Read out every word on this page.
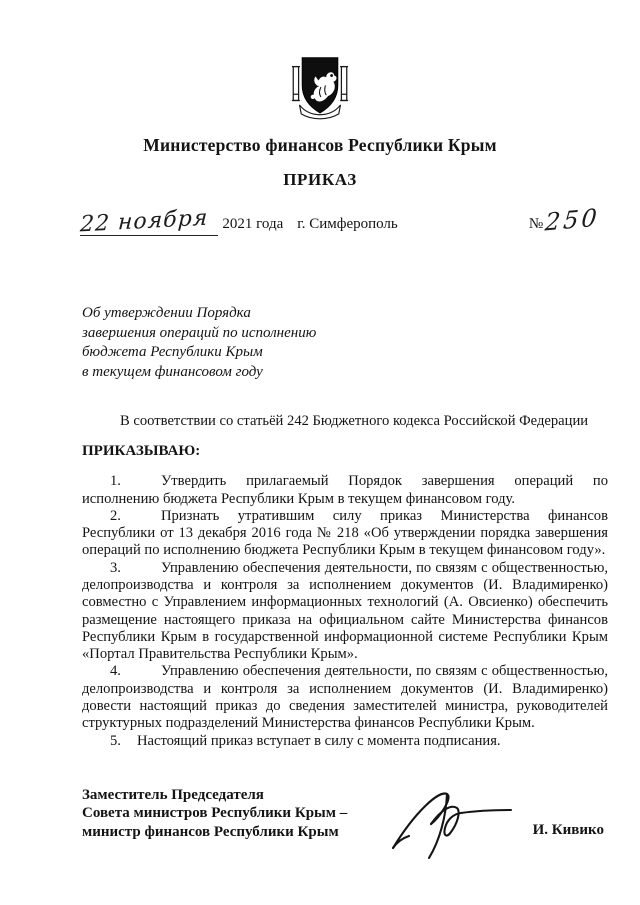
Министерство финансов Республики Крым
ПРИКАЗ
22 ноября 2021 года г. Симферополь	№250
Об утверждении Порядка
завершения операций по исполнению
бюджета Республики Крым
в текущем финансовом году

В соответствии со статьёй 242 Бюджетного кодекса Российской Федерации

ПРИКАЗЫВАЮ:

1.	Утвердить прилагаемый Порядок завершения операций по исполнению бюджета Республики Крым в текущем финансовом году.

2.	Признать утратившим силу приказ Министерства финансов Республики от 13 декабря 2016 года № 218 «Об утверждении порядка завершения операций по исполнению бюджета Республики Крым в текущем финансовом году».

3.	Управлению обеспечения деятельности, по связям с общественностью, делопроизводства и контроля за исполнением документов (И. Владимиренко) совместно с Управлением информационных технологий (А. Овсиенко) обеспечить размещение настоящего приказа на официальном сайте Министерства финансов Республики Крым в государственной информационной системе Республики Крым «Портал Правительства Республики Крым».

4.	Управлению обеспечения деятельности, по связям с общественностью, делопроизводства и контроля за исполнением документов (И. Владимиренко) довести настоящий приказ до сведения заместителей министра, руководителей структурных подразделений Министерства финансов Республики Крым.

5. Настоящий приказ вступает в силу с момента подписания.

Заместитель Председателя
Совета министров Республики Крым –
министр финансов Республики Крым	И. Кивико
